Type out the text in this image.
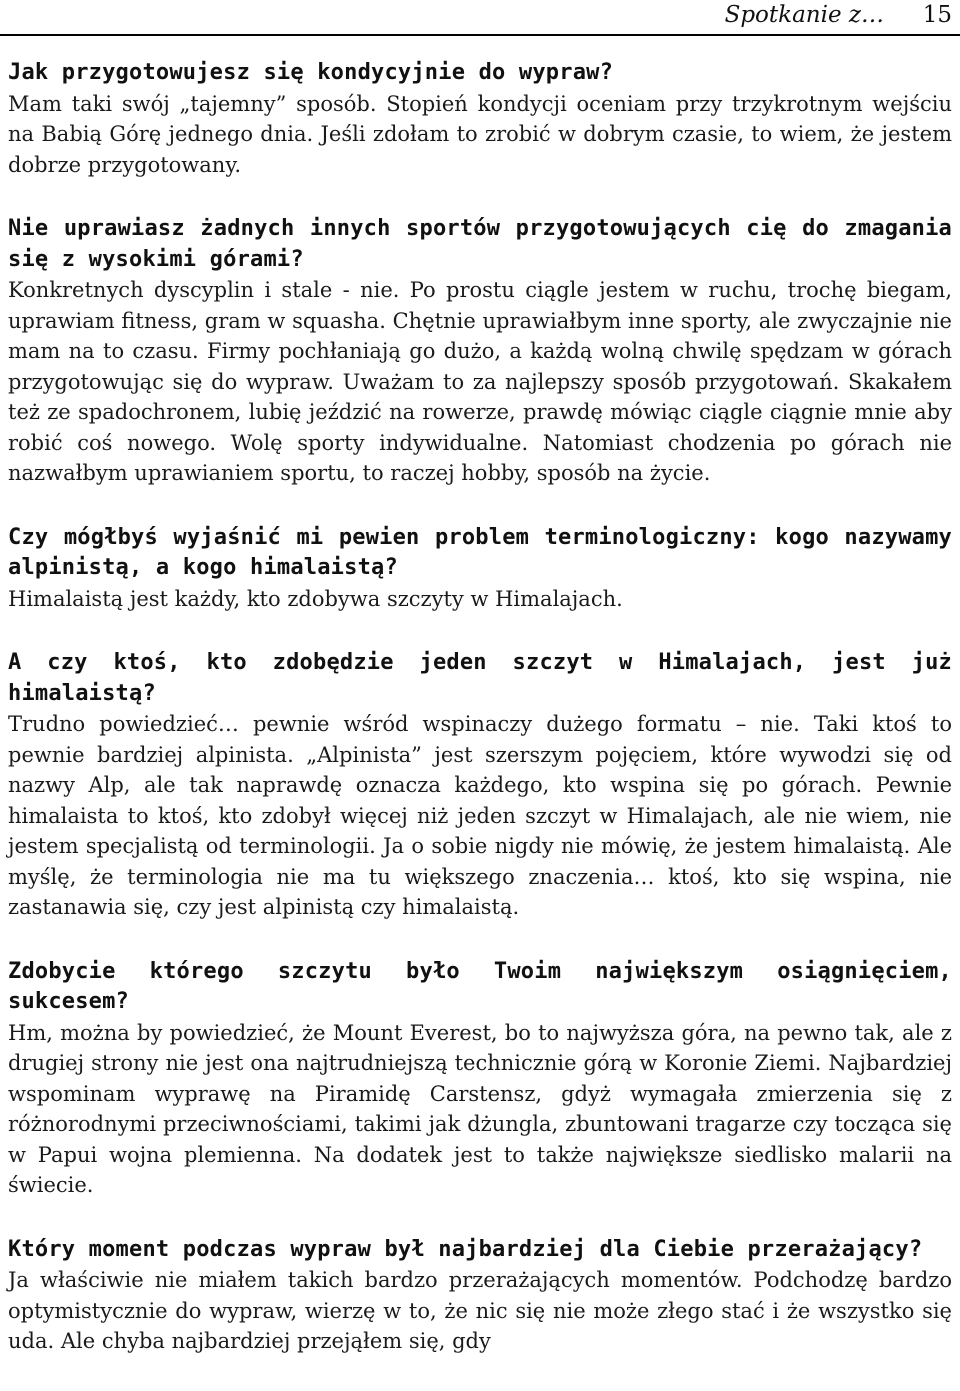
Spotkanie z… 15

Jak przygotowujesz się kondycyjnie do wypraw?

Mam taki swój „tajemny” sposób. Stopień kondycji oceniam przy trzykrotnym wejściu na Babią Górę jednego dnia. Jeśli zdołam to zrobić w dobrym czasie, to wiem, że jestem dobrze przygotowany.

Nie uprawiasz żadnych innych sportów przygotowujących cię do zmagania się z wysokimi górami?

Konkretnych dyscyplin i stale - nie. Po prostu ciągle jestem w ruchu, trochę biegam, uprawiam fitness, gram w squasha. Chętnie uprawiałbym inne sporty, ale zwyczajnie nie mam na to czasu. Firmy pochłaniają go dużo, a każdą wolną chwilę spędzam w górach przygotowując się do wypraw. Uważam to za najlepszy sposób przygotowań. Skakałem też ze spadochronem, lubię jeździć na rowerze, prawdę mówiąc ciągle ciągnie mnie aby robić coś nowego. Wolę sporty indywidualne. Natomiast chodzenia po górach nie nazwałbym uprawianiem sportu, to raczej hobby, sposób na życie.

Czy mógłbyś wyjaśnić mi pewien problem terminologiczny: kogo nazywamy alpinistą, a kogo himalaistą?

Himalaistą jest każdy, kto zdobywa szczyty w Himalajach.

A czy ktoś, kto zdobędzie jeden szczyt w Himalajach, jest już himalaistą?

Trudno powiedzieć… pewnie wśród wspinaczy dużego formatu – nie. Taki ktoś to pewnie bardziej alpinista. „Alpinista” jest szerszym pojęciem, które wywodzi się od nazwy Alp, ale tak naprawdę oznacza każdego, kto wspina się po górach. Pewnie himalaista to ktoś, kto zdobył więcej niż jeden szczyt w Himalajach, ale nie wiem, nie jestem specjalistą od terminologii. Ja o sobie nigdy nie mówię, że jestem himalaistą. Ale myślę, że terminologia nie ma tu większego znaczenia… ktoś, kto się wspina, nie zastanawia się, czy jest alpinistą czy himalaistą.

Zdobycie którego szczytu było Twoim największym osiągnięciem, sukcesem?

Hm, można by powiedzieć, że Mount Everest, bo to najwyższa góra, na pewno tak, ale z drugiej strony nie jest ona najtrudniejszą technicznie górą w Koronie Ziemi. Najbardziej wspominam wyprawę na Piramidę Carstensz, gdyż wymagała zmierzenia się z różnorodnymi przeciwnościami, takimi jak dżungla, zbuntowani tragarze czy tocząca się w Papui wojna plemienna. Na dodatek jest to także największe siedlisko malarii na świecie.

Który moment podczas wypraw był najbardziej dla Ciebie przerażający?

Ja właściwie nie miałem takich bardzo przerażających momentów. Podchodzę bardzo optymistycznie do wypraw, wierzę w to, że nic się nie może złego stać i że wszystko się uda. Ale chyba najbardziej przejąłem się, gdy
